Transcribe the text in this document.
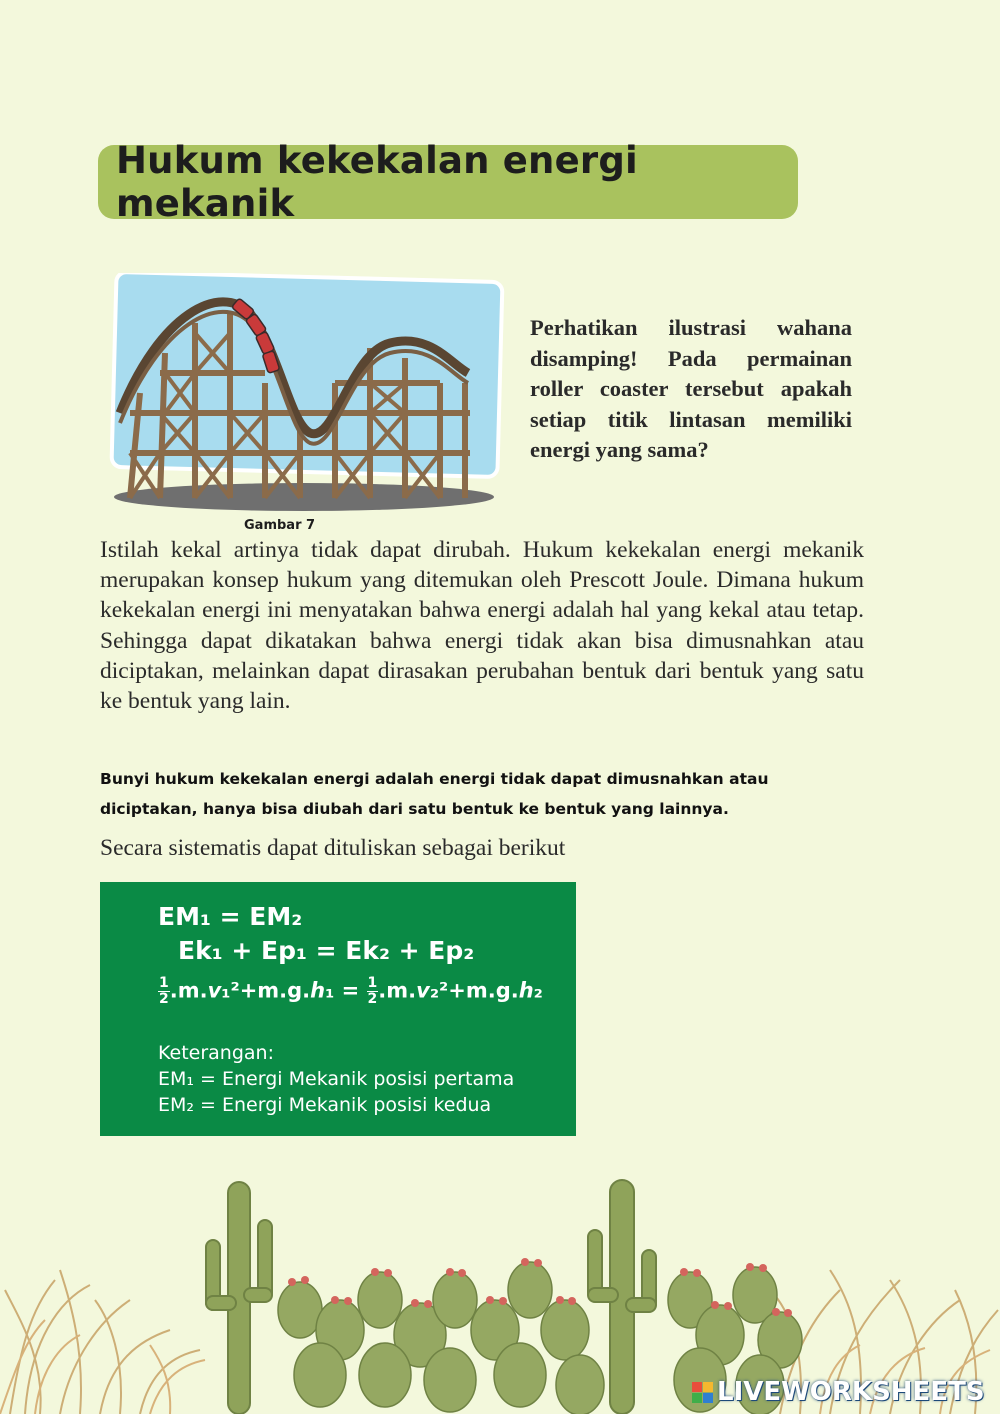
Hukum kekekalan energi mekanik
Gambar 7

Perhatikan ilustrasi wahana disamping! Pada permainan roller coaster tersebut apakah setiap titik lintasan memiliki energi yang sama?

Istilah kekal artinya tidak dapat dirubah. Hukum kekekalan energi mekanik merupakan konsep hukum yang ditemukan oleh Prescott Joule. Dimana hukum kekekalan energi ini menyatakan bahwa energi adalah hal yang kekal atau tetap. Sehingga dapat dikatakan bahwa energi tidak akan bisa dimusnahkan atau diciptakan, melainkan dapat dirasakan perubahan bentuk dari bentuk yang satu ke bentuk yang lain.

Bunyi hukum kekekalan energi adalah energi tidak dapat dimusnahkan atau diciptakan, hanya bisa diubah dari satu bentuk ke bentuk yang lainnya.

Secara sistematis dapat dituliskan sebagai berikut

EM₁ = EM₂
Ek₁ + Ep₁ = Ek₂ + Ep₂
$\frac{1}{2} .m.v_1^2+m.g.h_1 = \frac{1}{2} .m.v_2^2+m.g.h_2$
Keterangan:
EM₁ = Energi Mekanik posisi pertama
EM₂ = Energi Mekanik posisi kedua
LIVEWORKSHEETS
